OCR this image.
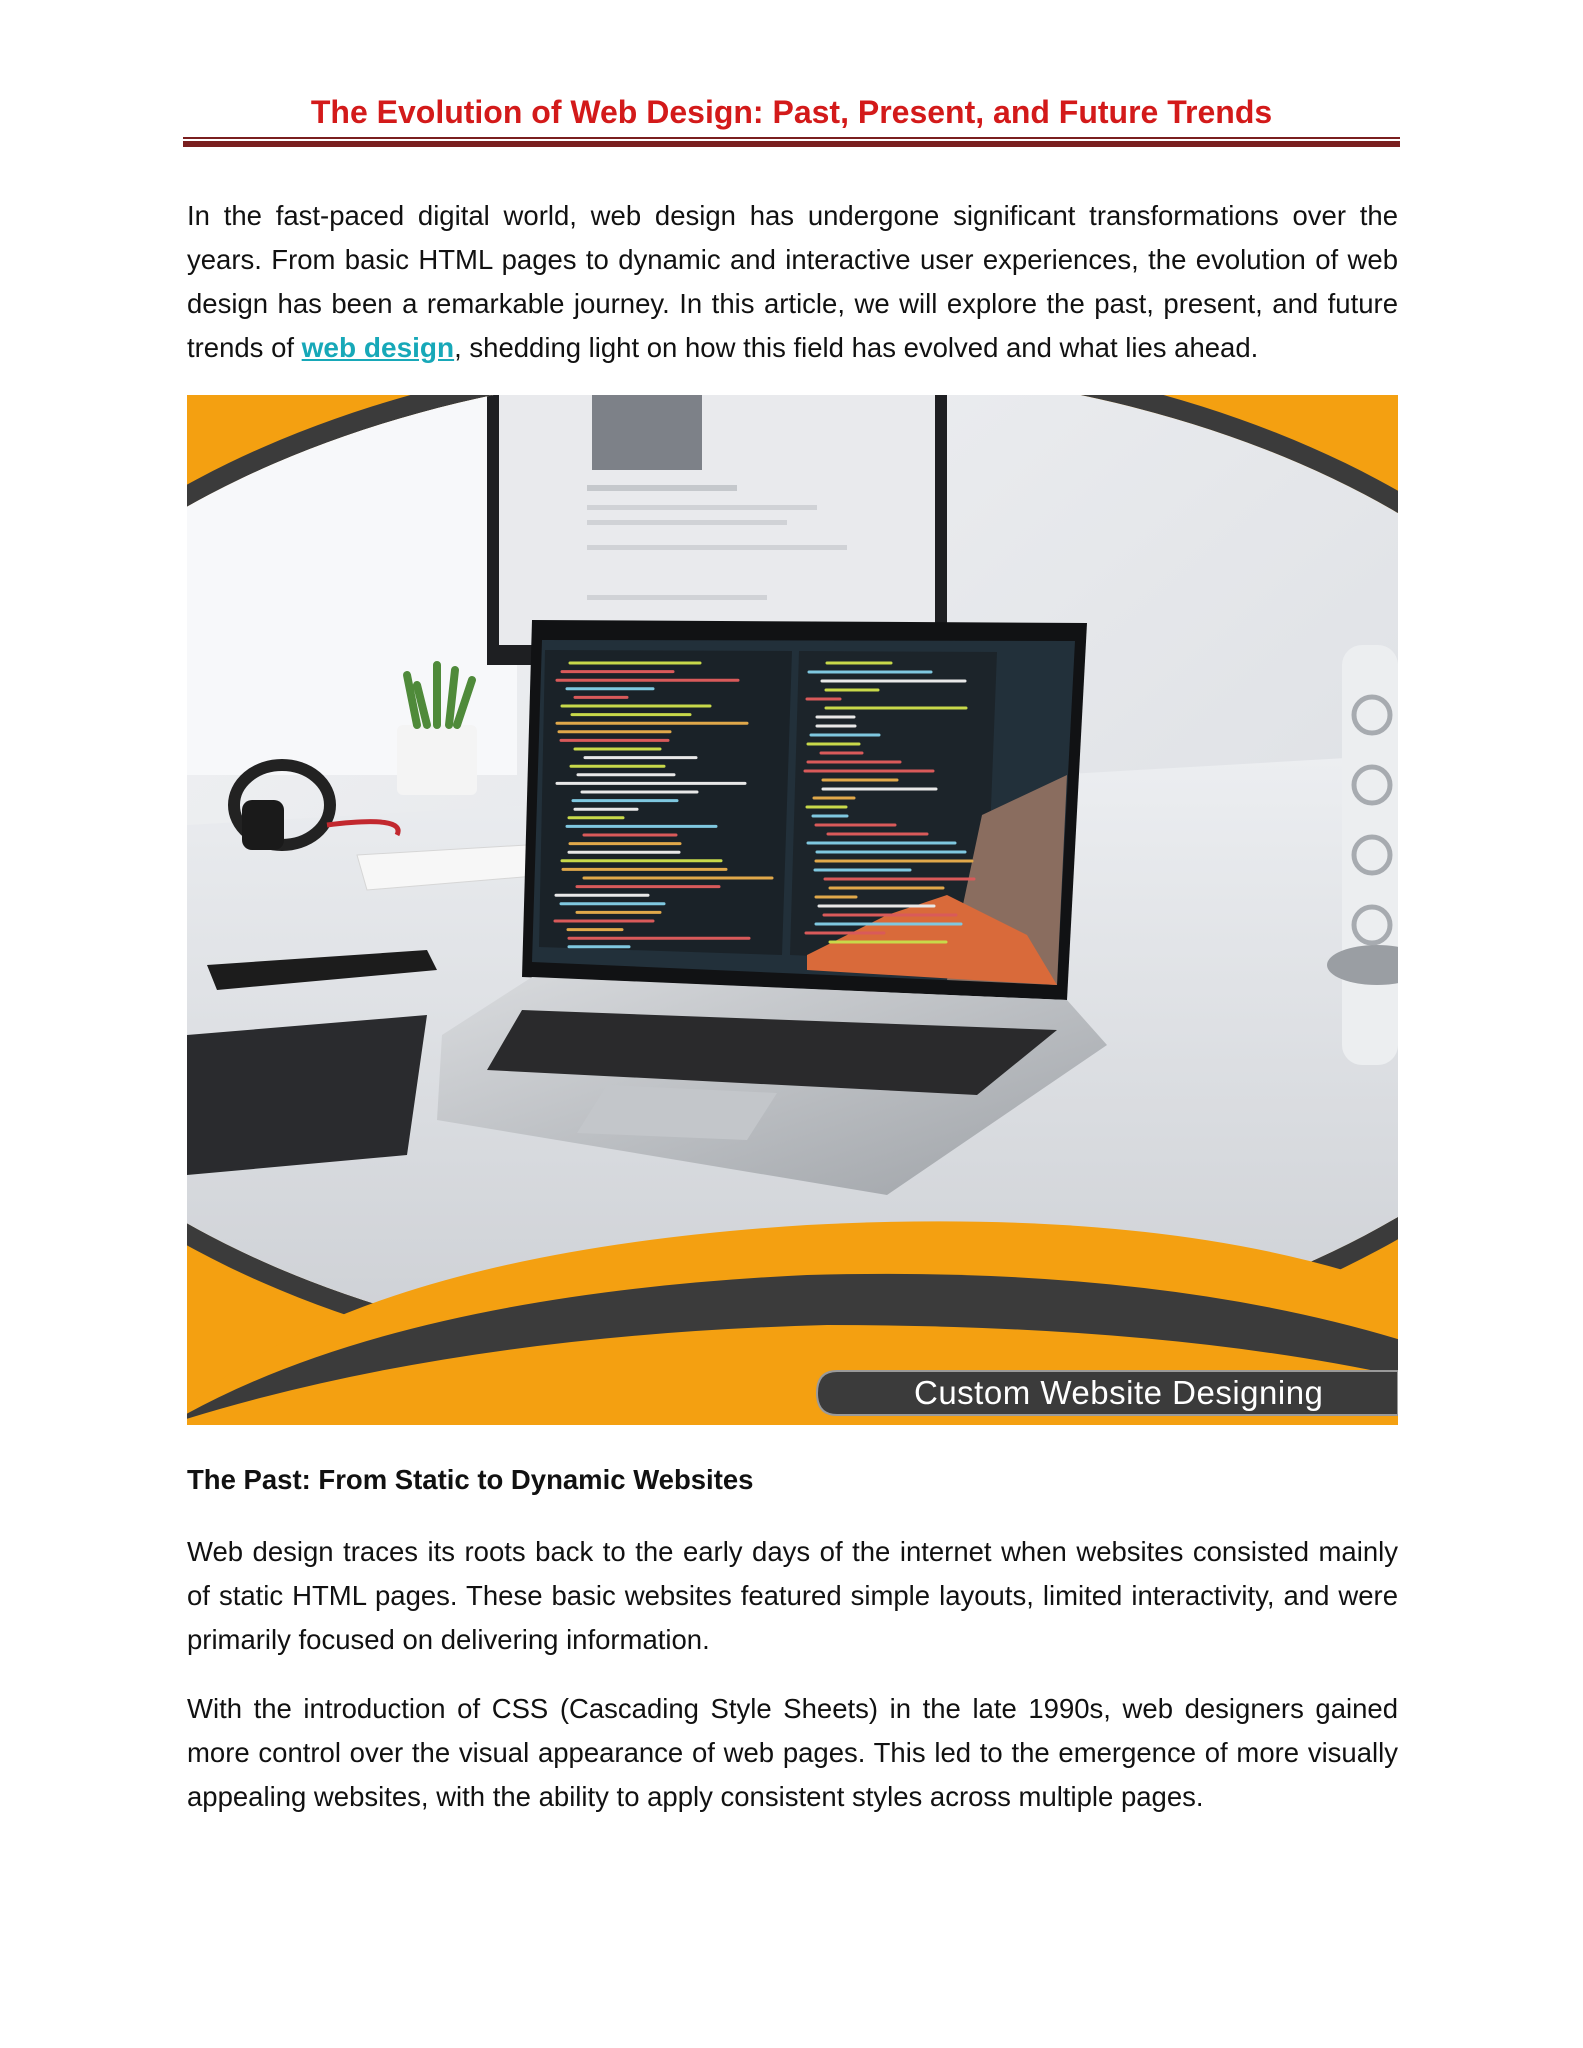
The Evolution of Web Design: Past, Present, and Future Trends

In the fast-paced digital world, web design has undergone significant transformations over the years. From basic HTML pages to dynamic and interactive user experiences, the evolution of web design has been a remarkable journey. In this article, we will explore the past, present, and future trends of web design, shedding light on how this field has evolved and what lies ahead.

Custom Website Designing
The Past: From Static to Dynamic Websites

Web design traces its roots back to the early days of the internet when websites consisted mainly of static HTML pages. These basic websites featured simple layouts, limited interactivity, and were primarily focused on delivering information.

With the introduction of CSS (Cascading Style Sheets) in the late 1990s, web designers gained more control over the visual appearance of web pages. This led to the emergence of more visually appealing websites, with the ability to apply consistent styles across multiple pages.
